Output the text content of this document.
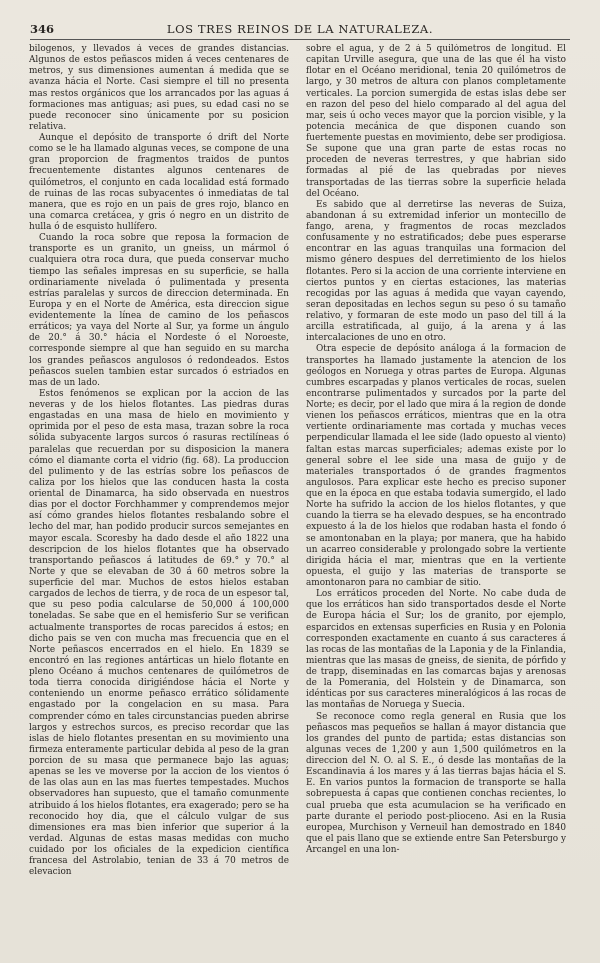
346	LOS TRES REINOS DE LA NATURALEZA.

bilogenos, y llevados á veces de grandes distancias. Algunos de estos peñascos miden á veces centenares de metros, y sus dimensiones aumentan á medida que se avanza hácia el Norte. Casi siempre el till no presenta mas restos orgánicos que los arrancados por las aguas á formaciones mas antiguas; asi pues, su edad casi no se puede reconocer sino únicamente por su posicion relativa.

Aunque el depósito de transporte ó drift del Norte como se le ha llamado algunas veces, se compone de una gran proporcion de fragmentos traidos de puntos frecuentemente distantes algunos centenares de quilómetros, el conjunto en cada localidad está formado de ruinas de las rocas subyacentes ó inmediatas de tal manera, que es rojo en un pais de gres rojo, blanco en una comarca cretácea, y gris ó negro en un distrito de hulla ó de esquisto hullífero.

Cuando la roca sobre que reposa la formacion de transporte es un granito, un gneiss, un mármol ó cualquiera otra roca dura, que pueda conservar mucho tiempo las señales impresas en su superficie, se halla ordinariamente nivelada ó pulimentada y presenta estrías paralelas y surcos de direccion determinada. En Europa y en el Norte de América, esta direccion sigue evidentemente la línea de camino de los peñascos erráticos; ya vaya del Norte al Sur, ya forme un ángulo de 20.° á 30.° hácia el Nordeste ó el Noroeste, corresponde siempre al que han seguido en su marcha los grandes peñascos angulosos ó redondeados. Estos peñascos suelen tambien estar surcados ó estriados en mas de un lado.

Estos fenómenos se explican por la accion de las neveras y de los hielos flotantes. Las piedras duras engastadas en una masa de hielo en movimiento y oprimida por el peso de esta masa, trazan sobre la roca sólida subyacente largos surcos ó rasuras rectilíneas ó paralelas que recuerdan por su disposicion la manera cómo el diamante corta el vidrio (fig. 68). La produccion del pulimento y de las estrías sobre los peñascos de caliza por los hielos que las conducen hasta la costa oriental de Dinamarca, ha sido observada en nuestros dias por el doctor Forchhammer y comprendemos mejor así cómo grandes hielos flotantes resbalando sobre el lecho del mar, han podido producir surcos semejantes en mayor escala. Scoresby ha dado desde el año 1822 una descripcion de los hielos flotantes que ha observado transportando peñascos á latitudes de 69.° y 70.° al Norte y que se elevaban de 30 á 60 metros sobre la superficie del mar. Muchos de estos hielos estaban cargados de lechos de tierra, y de roca de un espesor tal, que su peso podia calcularse de 50,000 á 100,000 toneladas. Se sabe que en el hemisferio Sur se verifican actualmente transportes de rocas parecidos á estos; en dicho pais se ven con mucha mas frecuencia que en el Norte peñascos encerrados en el hielo. En 1839 se encontró en las regiones antárticas un hielo flotante en pleno Océano á muchos centenares de quilómetros de toda tierra conocida dirigiéndose hácia el Norte y conteniendo un enorme peñasco errático sólidamente engastado por la congelacion en su masa. Para comprender cómo en tales circunstancias pueden abrirse largos y estrechos surcos, es preciso recordar que las islas de hielo flotantes presentan en su movimiento una firmeza enteramente particular debida al peso de la gran porcion de su masa que permanece bajo las aguas; apenas se les ve moverse por la accion de los vientos ó de las olas aun en las mas fuertes tempestades. Muchos observadores han supuesto, que el tamaño comunmente atribuido á los hielos flotantes, era exagerado; pero se ha reconocido hoy dia, que el cálculo vulgar de sus dimensiones era mas bien inferior que superior á la verdad. Algunas de estas masas medidas con mucho cuidado por los oficiales de la expedicion científica francesa del Astrolabio, tenian de 33 á 70 metros de elevacion

sobre el agua, y de 2 á 5 quilómetros de longitud. El capitan Urville asegura, que una de las que él ha visto flotar en el Océano meridional, tenia 20 quilómetros de largo, y 30 metros de altura con planos completamente verticales. La porcion sumergida de estas islas debe ser en razon del peso del hielo comparado al del agua del mar, seis ú ocho veces mayor que la porcion visible, y la potencia mecánica de que disponen cuando son fuertemente puestas en movimiento, debe ser prodigiosa. Se supone que una gran parte de estas rocas no proceden de neveras terrestres, y que habrian sido formadas al pié de las quebradas por nieves transportadas de las tierras sobre la superficie helada del Océano.

Es sabido que al derretirse las neveras de Suiza, abandonan á su extremidad inferior un montecillo de fango, arena, y fragmentos de rocas mezclados confusamente y no estratificados; debe pues esperarse encontrar en las aguas tranquilas una formacion del mismo género despues del derretimiento de los hielos flotantes. Pero si la accion de una corriente interviene en ciertos puntos y en ciertas estaciones, las materias recogidas por las aguas á medida que vayan cayendo, seran depositadas en lechos segun su peso ó su tamaño relativo, y formaran de este modo un paso del till á la arcilla estratificada, al guijo, á la arena y á las intercalaciones de uno en otro.

Otra especie de depósito análoga á la formacion de transportes ha llamado justamente la atencion de los geólogos en Noruega y otras partes de Europa. Algunas cumbres escarpadas y planos verticales de rocas, suelen encontrarse pulimentados y surcados por la parte del Norte; es decir, por el lado que mira á la region de donde vienen los peñascos erráticos, mientras que en la otra vertiente ordinariamente mas cortada y muchas veces perpendicular llamada el lee side (lado opuesto al viento) faltan estas marcas superficiales; ademas existe por lo general sobre el lee side una masa de guijo y de materiales transportados ó de grandes fragmentos angulosos. Para explicar este hecho es preciso suponer que en la época en que estaba todavia sumergido, el lado Norte ha sufrido la accion de los hielos flotantes, y que cuando la tierra se ha elevado despues, se ha encontrado expuesto á la de los hielos que rodaban hasta el fondo ó se amontonaban en la playa; por manera, que ha habido un acarreo considerable y prolongado sobre la vertiente dirigida hácia el mar, mientras que en la vertiente opuesta, el guijo y las materias de transporte se amontonaron para no cambiar de sitio.

Los erráticos proceden del Norte. No cabe duda de que los erráticos han sido transportados desde el Norte de Europa hácia el Sur; los de granito, por ejemplo, esparcidos en extensas superficies en Rusia y en Polonia corresponden exactamente en cuanto á sus caracteres á las rocas de las montañas de la Laponia y de la Finlandia, mientras que las masas de gneiss, de sienita, de pórfido y de trapp, diseminadas en las comarcas bajas y arenosas de la Pomerania, del Holstein y de Dinamarca, son idénticas por sus caracteres mineralógicos á las rocas de las montañas de Noruega y Suecia.

Se reconoce como regla general en Rusia que los peñascos mas pequeños se hallan á mayor distancia que los grandes del punto de partida; estas distancias son algunas veces de 1,200 y aun 1,500 quilómetros en la direccion del N. O. al S. E., ó desde las montañas de la Escandinavia á los mares y á las tierras bajas hácia el S. E. En varios puntos la formacion de transporte se halla sobrepuesta á capas que contienen conchas recientes, lo cual prueba que esta acumulacion se ha verificado en parte durante el periodo post-plioceno. Asi en la Rusia europea, Murchison y Verneuil han demostrado en 1840 que el pais llano que se extiende entre San Petersburgo y Arcangel en una lon-
